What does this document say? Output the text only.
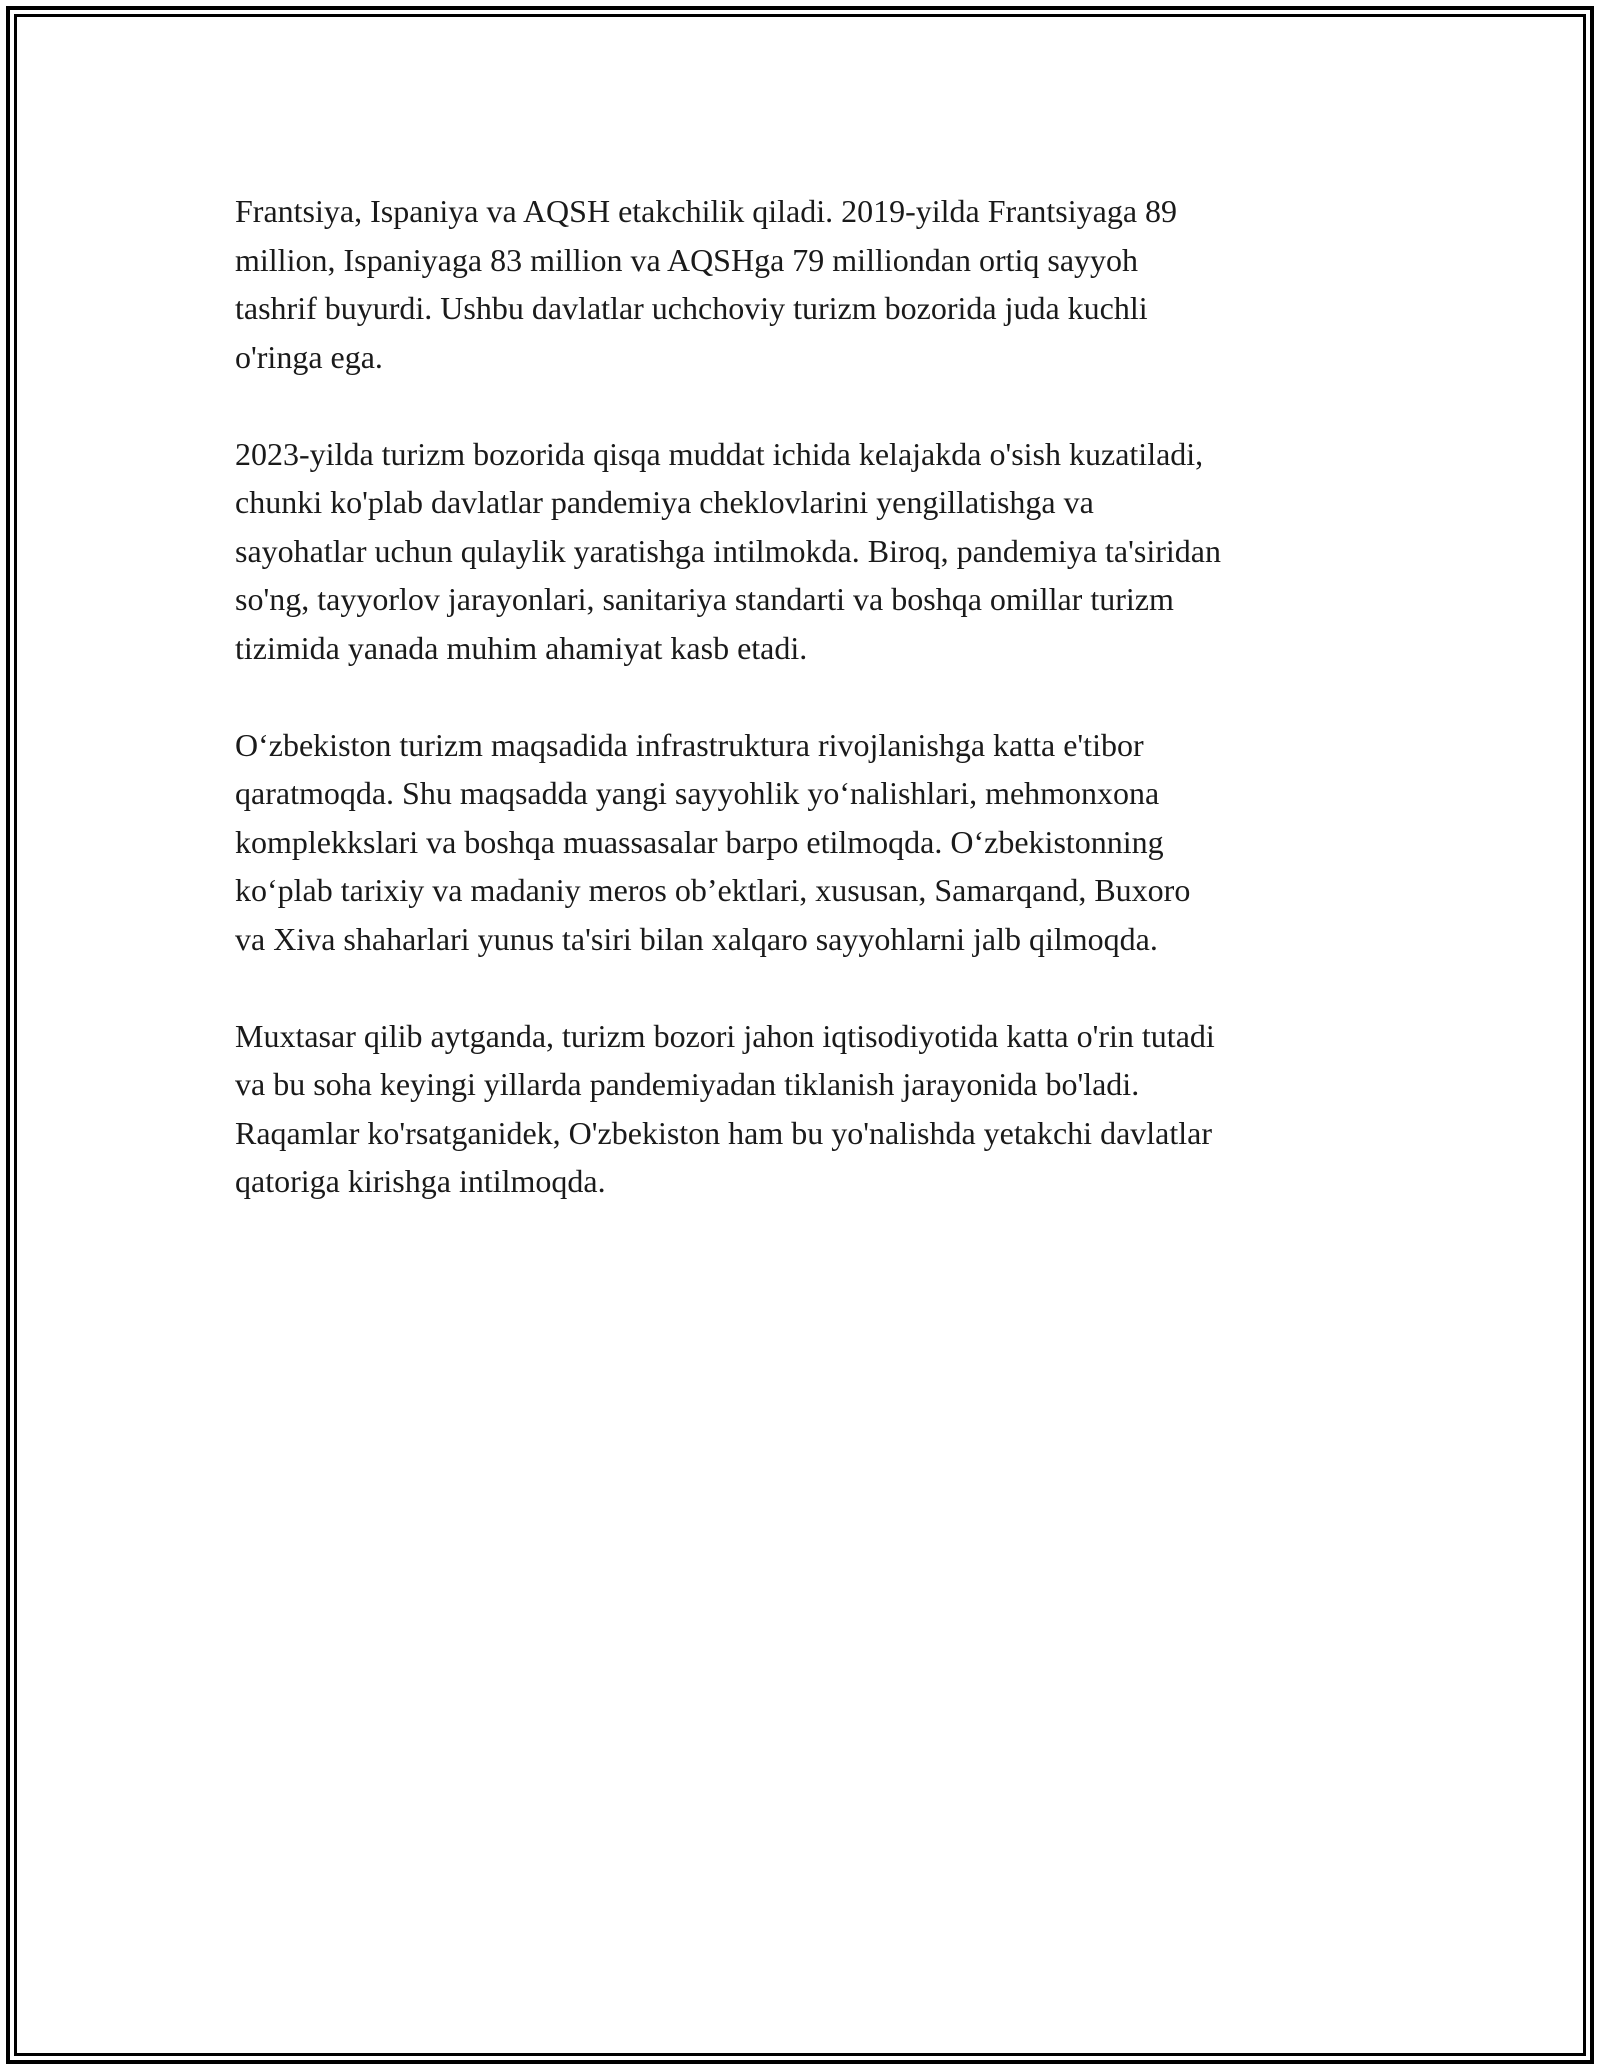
Frantsiya, Ispaniya va AQSH etakchilik qiladi. 2019-yilda Frantsiyaga 89
million, Ispaniyaga 83 million va AQSHga 79 milliondan ortiq sayyoh
tashrif buyurdi. Ushbu davlatlar uchchoviy turizm bozorida juda kuchli
o'ringa ega.

2023-yilda turizm bozorida qisqa muddat ichida kelajakda o'sish kuzatiladi,
chunki ko'plab davlatlar pandemiya cheklovlarini yengillatishga va
sayohatlar uchun qulaylik yaratishga intilmokda. Biroq, pandemiya ta'siridan
so'ng, tayyorlov jarayonlari, sanitariya standarti va boshqa omillar turizm
tizimida yanada muhim ahamiyat kasb etadi.

O‘zbekiston turizm maqsadida infrastruktura rivojlanishga katta e'tibor
qaratmoqda. Shu maqsadda yangi sayyohlik yo‘nalishlari, mehmonxona
komplekkslari va boshqa muassasalar barpo etilmoqda. O‘zbekistonning
ko‘plab tarixiy va madaniy meros ob’ektlari, xususan, Samarqand, Buxoro
va Xiva shaharlari yunus ta'siri bilan xalqaro sayyohlarni jalb qilmoqda.

Muxtasar qilib aytganda, turizm bozori jahon iqtisodiyotida katta o'rin tutadi
va bu soha keyingi yillarda pandemiyadan tiklanish jarayonida bo'ladi.
Raqamlar ko'rsatganidek, O'zbekiston ham bu yo'nalishda yetakchi davlatlar
qatoriga kirishga intilmoqda.
